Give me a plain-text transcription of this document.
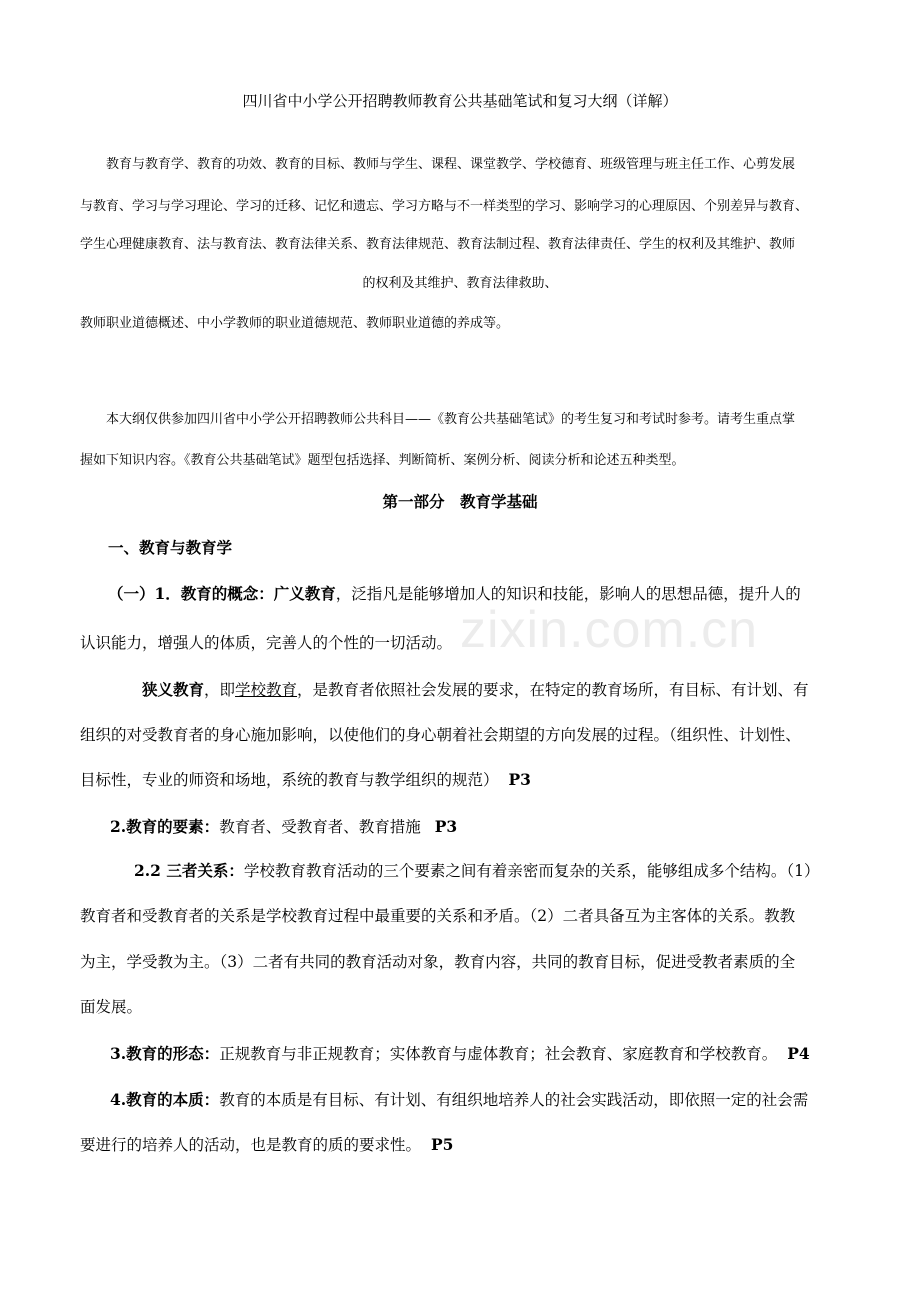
zixin.com.cn
四川省中小学公开招聘教师教育公共基础笔试和复习大纲（详解）
教育与教育学、教育的功效、教育的目标、教师与学生、课程、课堂教学、学校德育、班级管理与班主任工作、心剪发展
与教育、学习与学习理论、学习的迁移、记忆和遗忘、学习方略与不一样类型的学习、影响学习的心理原因、个别差异与教育、
学生心理健康教育、法与教育法、教育法律关系、教育法律规范、教育法制过程、教育法律责任、学生的权利及其维护、教师
的权利及其维护、教育法律救助、
教师职业道德概述、中小学教师的职业道德规范、教师职业道德的养成等。
本大纲仅供参加四川省中小学公开招聘教师公共科目——《教育公共基础笔试》的考生复习和考试时参考。请考生重点掌
握如下知识内容。《教育公共基础笔试》题型包括选择、判断简析、案例分析、阅读分析和论述五种类型。
第一部分　教育学基础
一、教育与教育学
（一）1．教育的概念：广义教育，泛指凡是能够增加人的知识和技能，影响人的思想品德，提升人的
认识能力，增强人的体质，完善人的个性的一切活动。
狭义教育，即学校教育，是教育者依照社会发展的要求，在特定的教育场所，有目标、有计划、有
组织的对受教育者的身心施加影响，以使他们的身心朝着社会期望的方向发展的过程。（组织性、计划性、
目标性，专业的师资和场地，系统的教育与教学组织的规范） P3
2.教育的要素：教育者、受教育者、教育措施 P3
2.2 三者关系：学校教育教育活动的三个要素之间有着亲密而复杂的关系，能够组成多个结构。（1）
教育者和受教育者的关系是学校教育过程中最重要的关系和矛盾。（2）二者具备互为主客体的关系。教教
为主，学受教为主。（3）二者有共同的教育活动对象，教育内容，共同的教育目标，促进受教者素质的全
面发展。
3.教育的形态：正规教育与非正规教育；实体教育与虚体教育；社会教育、家庭教育和学校教育。 P4
4.教育的本质：教育的本质是有目标、有计划、有组织地培养人的社会实践活动，即依照一定的社会需
要进行的培养人的活动，也是教育的质的要求性。 P5
